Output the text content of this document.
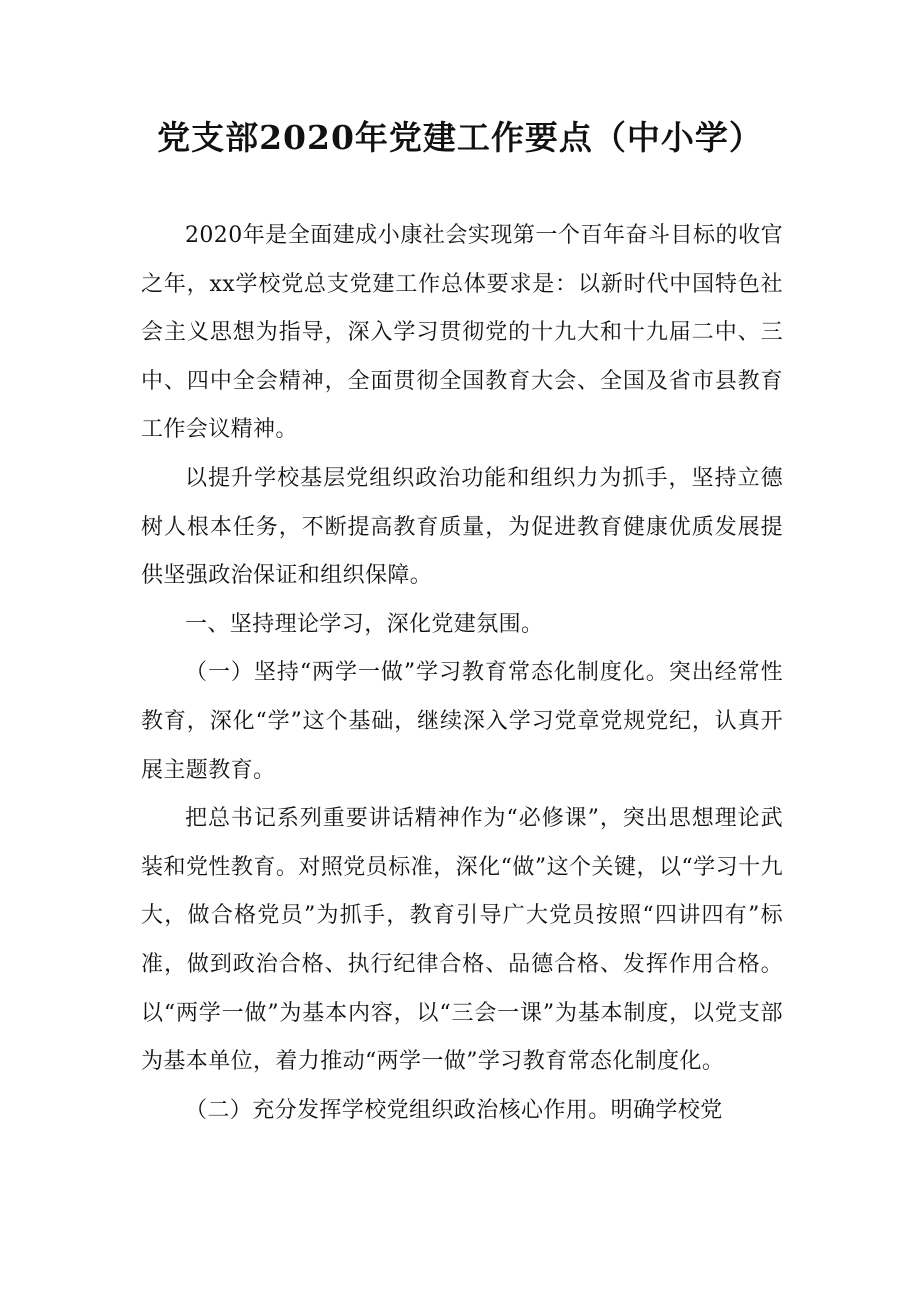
党支部2020年党建工作要点（中小学）

2020年是全面建成小康社会实现第一个百年奋斗目标的收官之年，xx学校党总支党建工作总体要求是：以新时代中国特色社会主义思想为指导，深入学习贯彻党的十九大和十九届二中、三中、四中全会精神，全面贯彻全国教育大会、全国及省市县教育工作会议精神。

以提升学校基层党组织政治功能和组织力为抓手，坚持立德树人根本任务，不断提高教育质量，为促进教育健康优质发展提供坚强政治保证和组织保障。

一、坚持理论学习，深化党建氛围。

（一）坚持“两学一做”学习教育常态化制度化。突出经常性教育，深化“学”这个基础，继续深入学习党章党规党纪，认真开展主题教育。

把总书记系列重要讲话精神作为“必修课”，突出思想理论武装和党性教育。对照党员标准，深化“做”这个关键，以“学习十九大，做合格党员”为抓手，教育引导广大党员按照“四讲四有”标准，做到政治合格、执行纪律合格、品德合格、发挥作用合格。以“两学一做”为基本内容，以“三会一课”为基本制度，以党支部为基本单位，着力推动“两学一做”学习教育常态化制度化。

（二）充分发挥学校党组织政治核心作用。明确学校党
